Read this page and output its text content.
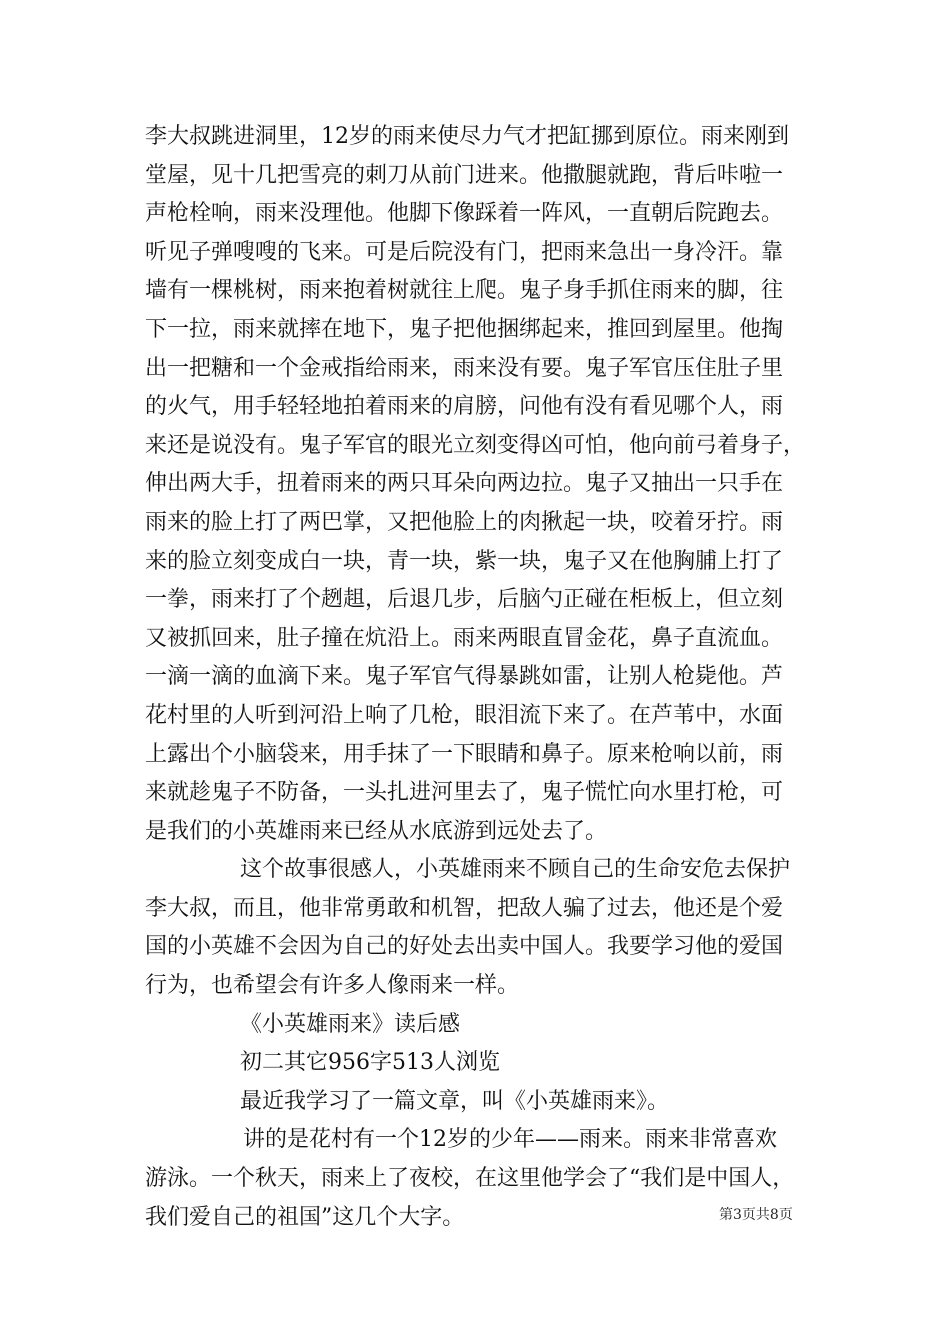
李大叔跳进洞里，12岁的雨来使尽力气才把缸挪到原位。雨来刚到
堂屋，见十几把雪亮的刺刀从前门进来。他撒腿就跑，背后咔啦一
声枪栓响，雨来没理他。他脚下像踩着一阵风，一直朝后院跑去。
听见子弹嗖嗖的飞来。可是后院没有门，把雨来急出一身冷汗。靠
墙有一棵桃树，雨来抱着树就往上爬。鬼子身手抓住雨来的脚，往
下一拉，雨来就摔在地下，鬼子把他捆绑起来，推回到屋里。他掏
出一把糖和一个金戒指给雨来，雨来没有要。鬼子军官压住肚子里
的火气，用手轻轻地拍着雨来的肩膀，问他有没有看见哪个人，雨
来还是说没有。鬼子军官的眼光立刻变得凶可怕，他向前弓着身子，
伸出两大手，扭着雨来的两只耳朵向两边拉。鬼子又抽出一只手在
雨来的脸上打了两巴掌，又把他脸上的肉揪起一块，咬着牙拧。雨
来的脸立刻变成白一块，青一块，紫一块，鬼子又在他胸脯上打了
一拳，雨来打了个趔趄，后退几步，后脑勺正碰在柜板上，但立刻
又被抓回来，肚子撞在炕沿上。雨来两眼直冒金花，鼻子直流血。
一滴一滴的血滴下来。鬼子军官气得暴跳如雷，让别人枪毙他。芦
花村里的人听到河沿上响了几枪，眼泪流下来了。在芦苇中，水面
上露出个小脑袋来，用手抹了一下眼睛和鼻子。原来枪响以前，雨
来就趁鬼子不防备，一头扎进河里去了，鬼子慌忙向水里打枪，可
是我们的小英雄雨来已经从水底游到远处去了。
这个故事很感人，小英雄雨来不顾自己的生命安危去保护
李大叔，而且，他非常勇敢和机智，把敌人骗了过去，他还是个爱
国的小英雄不会因为自己的好处去出卖中国人。我要学习他的爱国
行为，也希望会有许多人像雨来一样。
《小英雄雨来》读后感
初二其它956字513人浏览
最近我学习了一篇文章，叫《小英雄雨来》。
讲的是花村有一个12岁的少年——雨来。雨来非常喜欢
游泳。一个秋天，雨来上了夜校，在这里他学会了“我们是中国人，
我们爱自己的祖国”这几个大字。	第3页共8页
